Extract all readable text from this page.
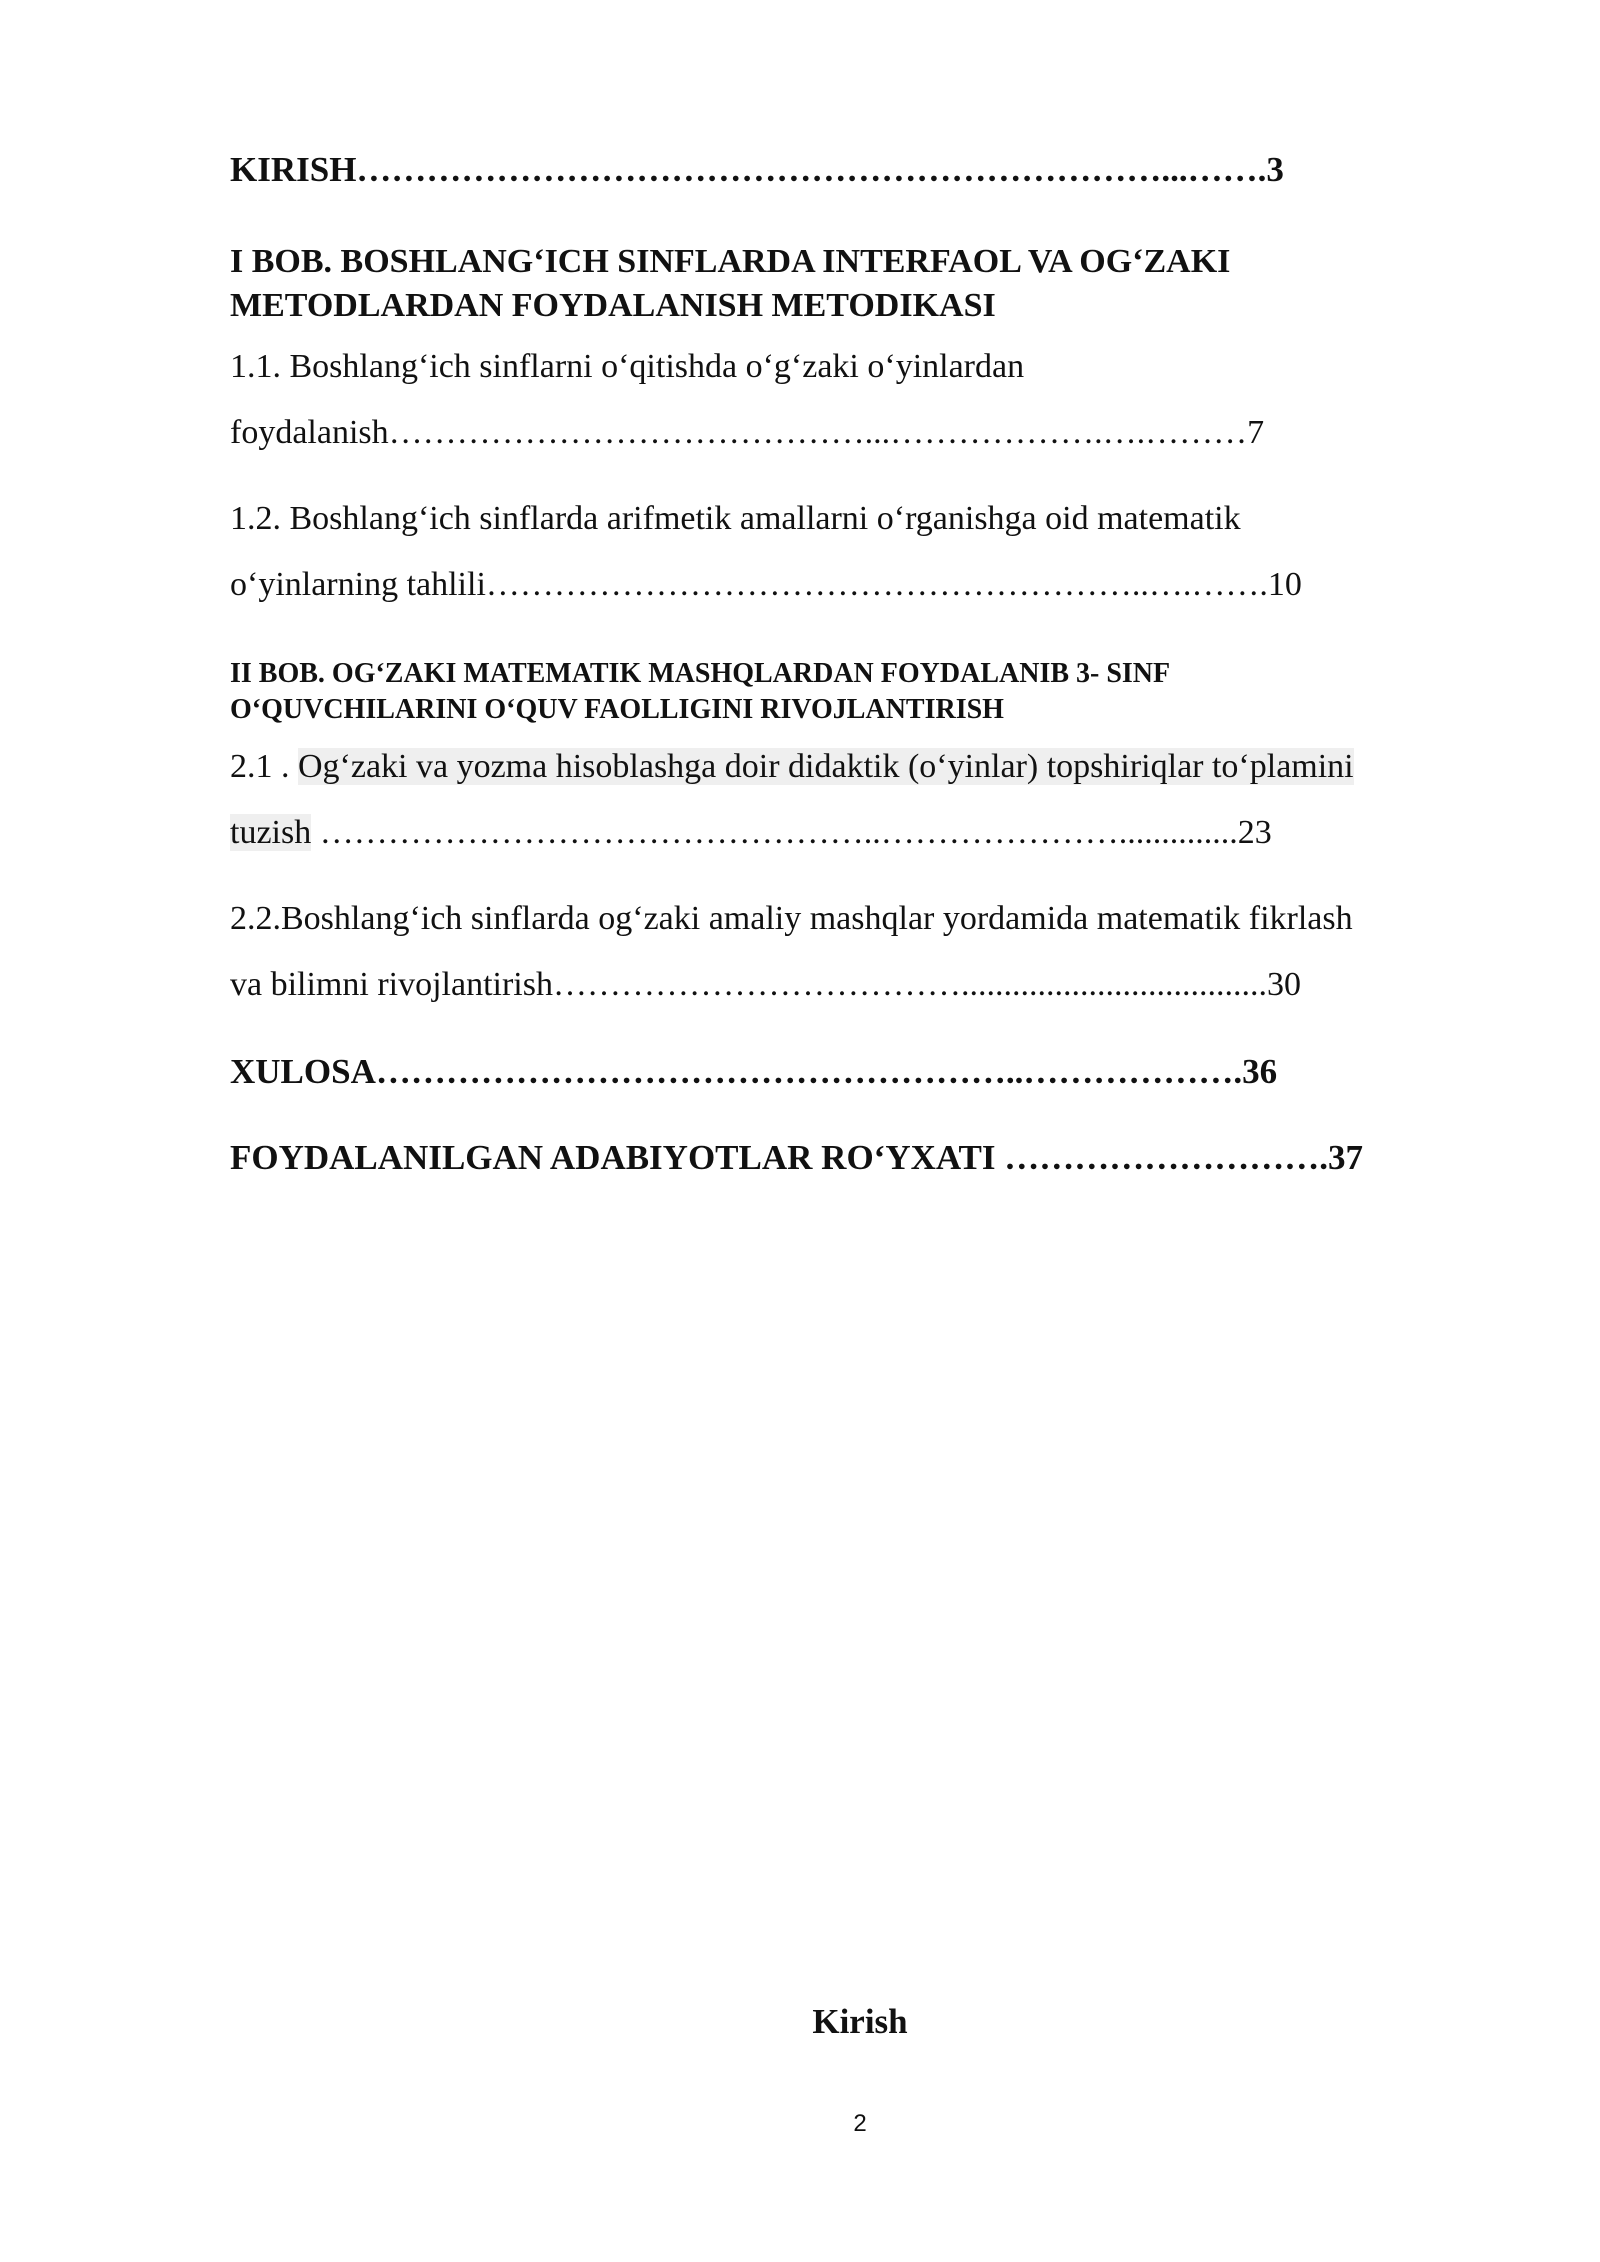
KIRISH……………………………………………………………...…….3

I BOB. BOSHLANG‘ICH SINFLARDA INTERFAOL VA OG‘ZAKI

METODLARDAN FOYDALANISH METODIKASI

1.1. Boshlang‘ich sinflarni o‘qitishda o‘g‘zaki o‘yinlardan

foydalanish……………………………………...……………….….………7

1.2. Boshlang‘ich sinflarda arifmetik amallarni o‘rganishga oid matematik

o‘yinlarning tahlili…………………………………………………..….…….10

II BOB. OG‘ZAKI MATEMATIK MASHQLARDAN FOYDALANIB 3- SINF

O‘QUVCHILARINI O‘QUV FAOLLIGINI RIVOJLANTIRISH

2.1 . Og‘zaki va yozma hisoblashga doir didaktik (o‘yinlar) topshiriqlar to‘plamini

tuzish …………………………………………..…………………..............23

2.2.Boshlang‘ich sinflarda og‘zaki amaliy mashqlar yordamida matematik fikrlash

va bilimni rivojlantirish………………………………....................................30

XULOSA………………………………………………..……………….36

FOYDALANILGAN ADABIYOTLAR RO‘YXATI ……………………….37

Kirish

2
